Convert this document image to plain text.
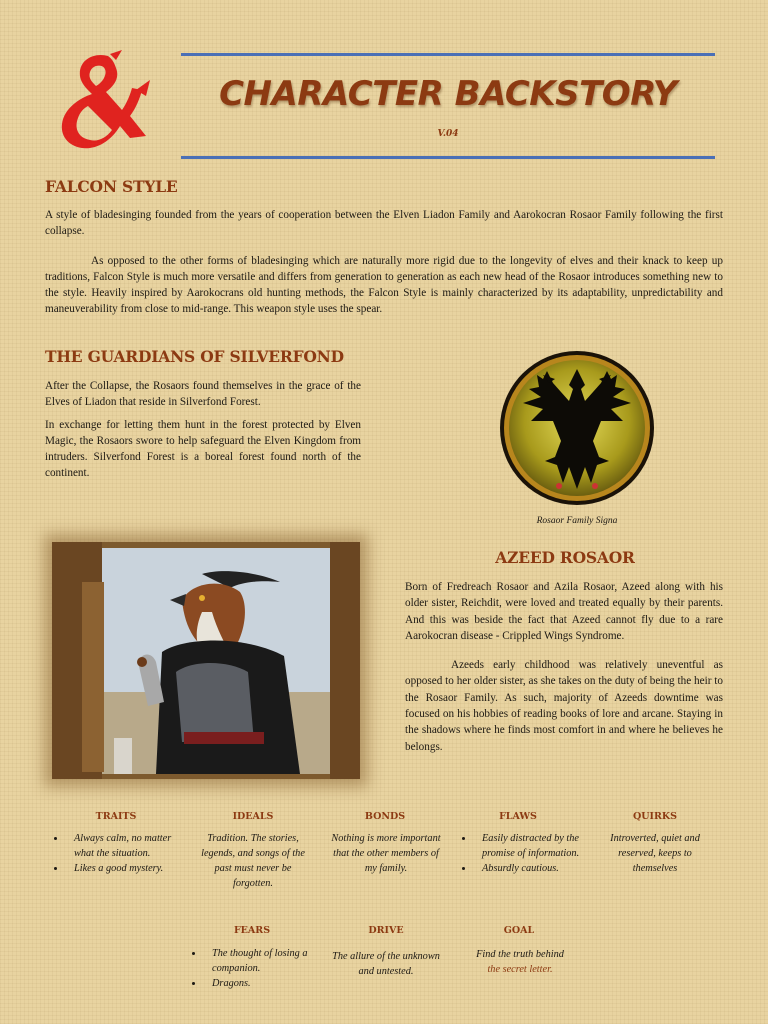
CHARACTER BACKSTORY
V.04
FALCON STYLE

A style of bladesinging founded from the years of cooperation between the Elven Liadon Family and Aarokocran Rosaor Family following the first collapse.

As opposed to the other forms of bladesinging which are naturally more rigid due to the longevity of elves and their knack to keep up traditions, Falcon Style is much more versatile and differs from generation to generation as each new head of the Rosaor introduces something new to the style. Heavily inspired by Aarokocrans old hunting methods, the Falcon Style is mainly characterized by its adaptability, unpredictability and maneuverability from close to mid-range. This weapon style uses the spear.

THE GUARDIANS OF SILVERFOND

After the Collapse, the Rosaors found themselves in the grace of the Elves of Liadon that reside in Silverfond Forest.

In exchange for letting them hunt in the forest protected by Elven Magic, the Rosaors swore to help safeguard the Elven Kingdom from intruders. Silverfond Forest is a boreal forest found north of the continent.

Rosaor Family Signa
AZEED ROSAOR

Born of Fredreach Rosaor and Azila Rosaor, Azeed along with his older sister, Reichdit, were loved and treated equally by their parents. And this was beside the fact that Azeed cannot fly due to a rare Aarokocran disease - Crippled Wings Syndrome.

Azeeds early childhood was relatively uneventful as opposed to her older sister, as she takes on the duty of being the heir to the Rosaor Family. As such, majority of Azeeds downtime was focused on his hobbies of reading books of lore and arcane. Staying in the shadows where he finds most comfort in and where he believes he belongs.

TRAITS
• Always calm, no matter what the situation.
• Likes a good mystery.
IDEALS
Tradition. The stories, legends, and songs of the past must never be forgotten.
BONDS
Nothing is more important that the other members of my family.
FLAWS
• Easily distracted by the promise of information.
• Absurdly cautious.
QUIRKS
Introverted, quiet and reserved, keeps to themselves
FEARS
• The thought of losing a companion.
• Dragons.
DRIVE
The allure of the unknown and untested.
GOAL
Find the truth behind
the secret letter.
